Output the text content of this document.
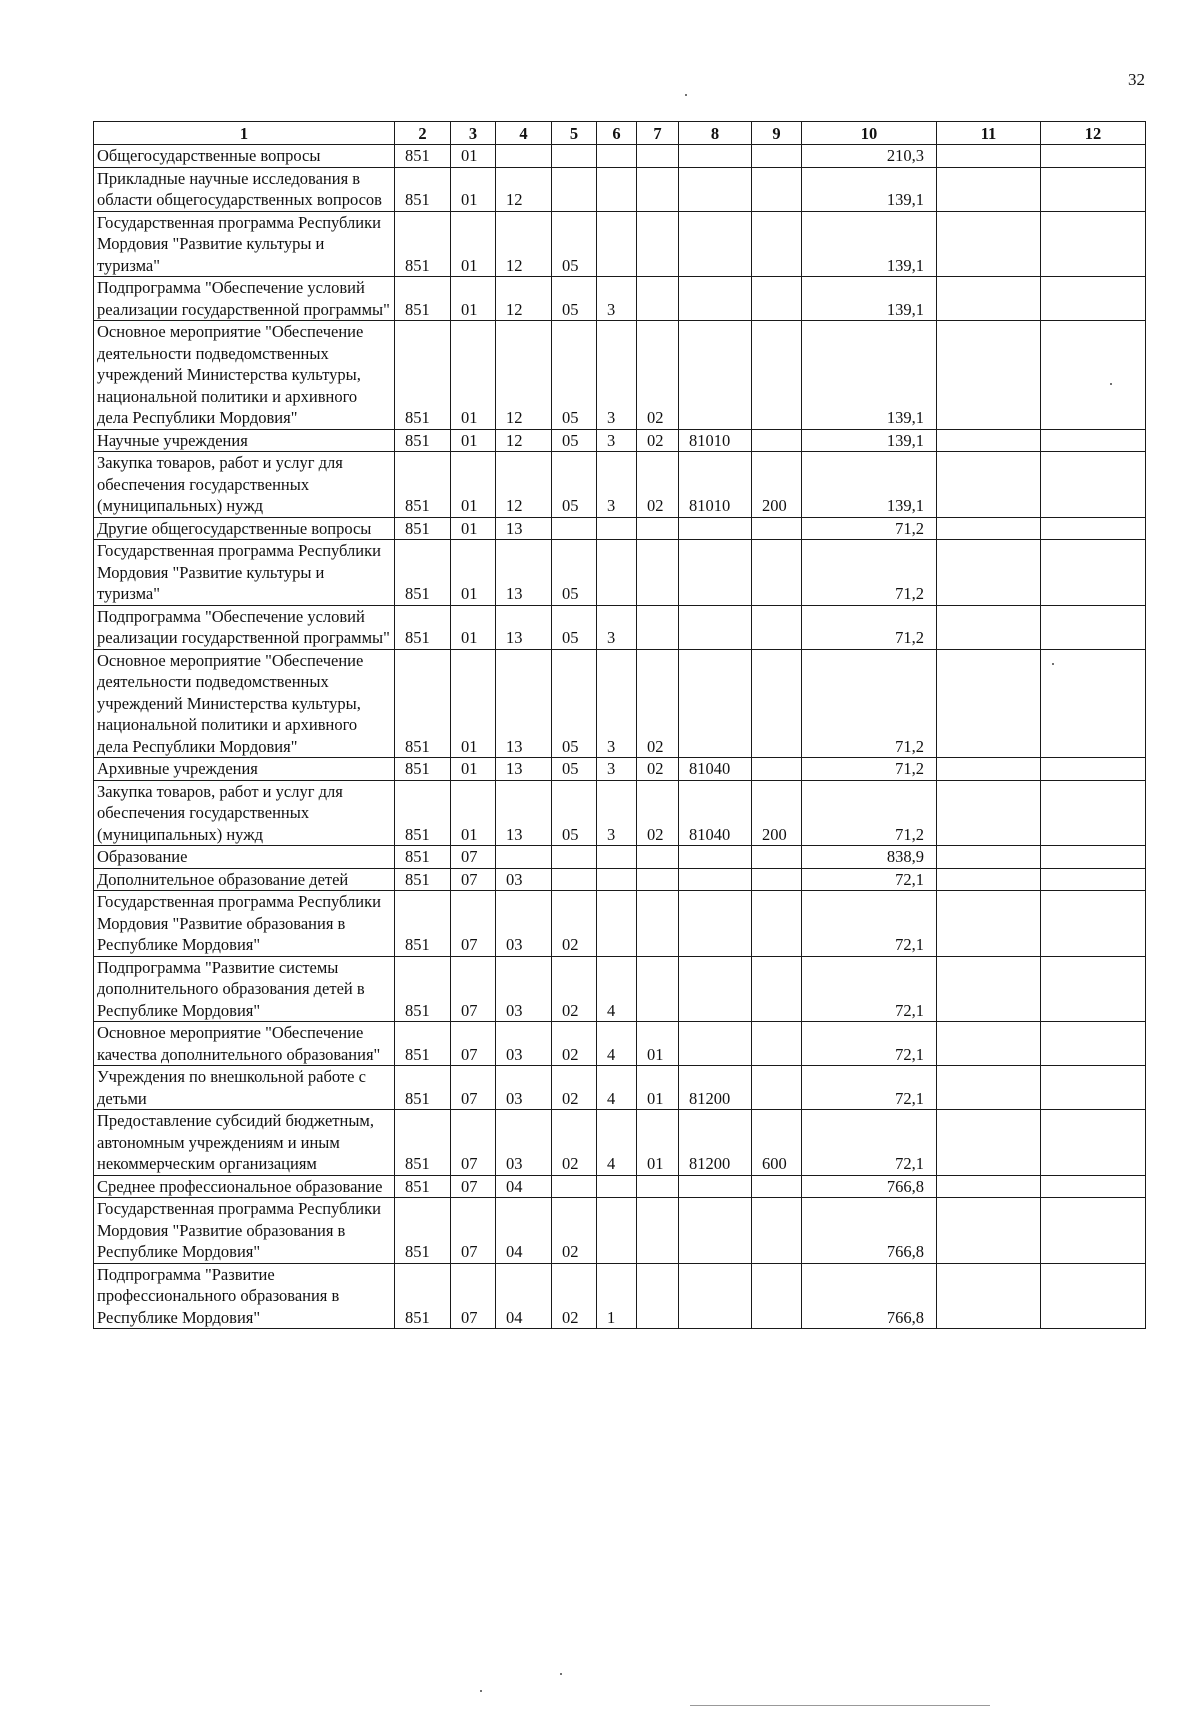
32
1	2	3	4	5	6	7	8	9	10	11	12
Общегосударственные вопросы	851	01							210,3		
Прикладные научные исследования в области общегосударственных вопросов	851	01	12						139,1		
Государственная программа Республики Мордовия "Развитие культуры и туризма"	851	01	12	05					139,1		
Подпрограмма "Обеспечение условий реализации государственной программы"	851	01	12	05	3				139,1		
Основное мероприятие "Обеспечение деятельности подведомственных учреждений Министерства культуры, национальной политики и архивного дела Республики Мордовия"	851	01	12	05	3	02			139,1		
Научные учреждения	851	01	12	05	3	02	81010		139,1		
Закупка товаров, работ и услуг для обеспечения государственных (муниципальных) нужд	851	01	12	05	3	02	81010	200	139,1		
Другие общегосударственные вопросы	851	01	13						71,2		
Государственная программа Республики Мордовия "Развитие культуры и туризма"	851	01	13	05					71,2		
Подпрограмма "Обеспечение условий реализации государственной программы"	851	01	13	05	3				71,2		
Основное мероприятие "Обеспечение деятельности подведомственных учреждений Министерства культуры, национальной политики и архивного дела Республики Мордовия"	851	01	13	05	3	02			71,2		
Архивные учреждения	851	01	13	05	3	02	81040		71,2		
Закупка товаров, работ и услуг для обеспечения государственных (муниципальных) нужд	851	01	13	05	3	02	81040	200	71,2		
Образование	851	07							838,9		
Дополнительное образование детей	851	07	03						72,1		
Государственная программа Республики Мордовия "Развитие образования в Республике Мордовия"	851	07	03	02					72,1		
Подпрограмма "Развитие системы дополнительного образования детей в Республике Мордовия"	851	07	03	02	4				72,1		
Основное мероприятие "Обеспечение качества дополнительного образования"	851	07	03	02	4	01			72,1		
Учреждения по внешкольной работе с детьми	851	07	03	02	4	01	81200		72,1		
Предоставление субсидий бюджетным, автономным учреждениям и иным некоммерческим организациям	851	07	03	02	4	01	81200	600	72,1		
Среднее профессиональное образование	851	07	04						766,8		
Государственная программа Республики Мордовия "Развитие образования в Республике Мордовия"	851	07	04	02					766,8		
Подпрограмма "Развитие профессионального образования в Республике Мордовия"	851	07	04	02	1				766,8		
